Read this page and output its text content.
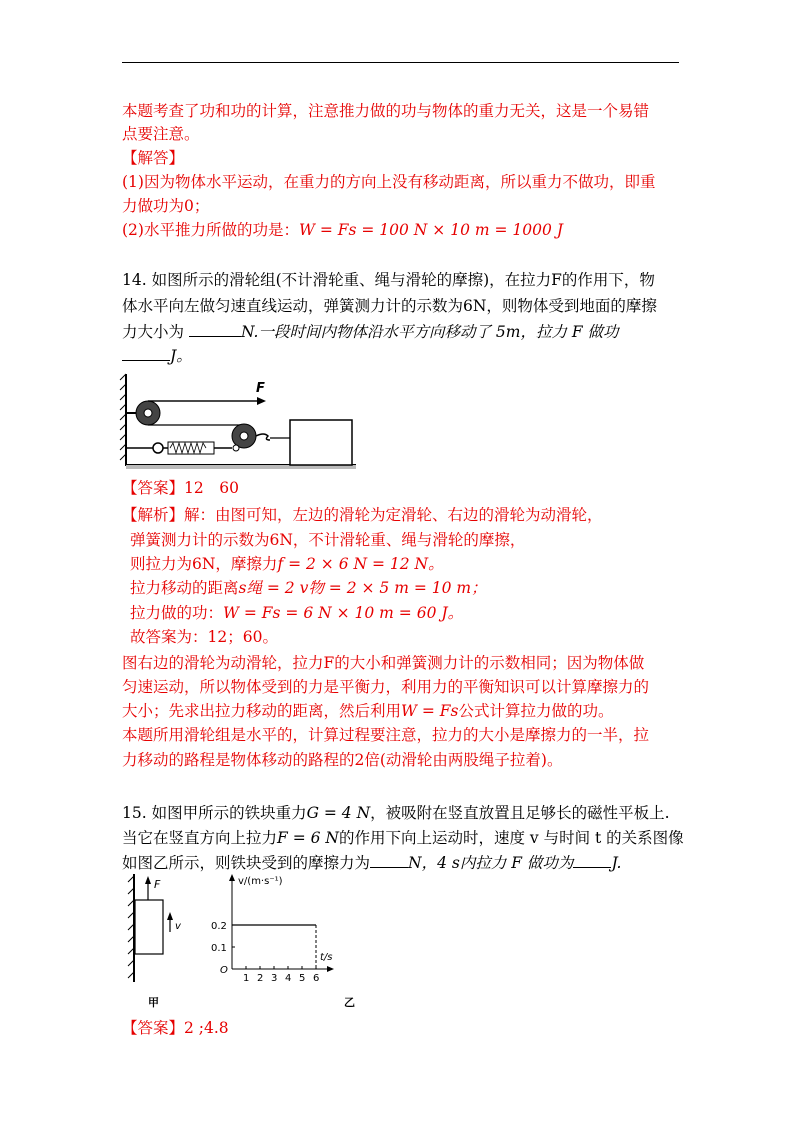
本题考查了功和功的计算，注意推力做的功与物体的重力无关，这是一个易错
点要注意。
【解答】
(1)因为物体水平运动，在重力的方向上没有移动距离，所以重力不做功，即重
力做功为0；
(2)水平推力所做的功是：W = Fs = 100 N × 10 m = 1000 J
14. 如图所示的滑轮组(不计滑轮重、绳与滑轮的摩擦)，在拉力F的作用下，物
体水平向左做匀速直线运动，弹簧测力计的示数为6N，则物体受到地面的摩擦
力大小为	N.一段时间内物体沿水平方向移动了 5m，拉力 F 做功
J。
F
【答案】12　60
【解析】解：由图可知，左边的滑轮为定滑轮、右边的滑轮为动滑轮，
弹簧测力计的示数为6N，不计滑轮重、绳与滑轮的摩擦，
则拉力为6N，摩擦力f = 2 × 6 N = 12 N。
拉力移动的距离s绳 = 2 v物 = 2 × 5 m = 10 m；
拉力做的功：W = Fs = 6 N × 10 m = 60 J。
故答案为：12；60。
图右边的滑轮为动滑轮，拉力F的大小和弹簧测力计的示数相同；因为物体做
匀速运动，所以物体受到的力是平衡力，利用力的平衡知识可以计算摩擦力的
大小；先求出拉力移动的距离，然后利用W = Fs公式计算拉力做的功。
本题所用滑轮组是水平的，计算过程要注意，拉力的大小是摩擦力的一半，拉
力移动的路程是物体移动的路程的2倍(动滑轮由两股绳子拉着)。
15. 如图甲所示的铁块重力G = 4 N，被吸附在竖直放置且足够长的磁性平板上.
当它在竖直方向上拉力F = 6 N的作用下向上运动时，速度 v 与时间 t 的关系图像
如图乙所示，则铁块受到的摩擦力为 N，4 s内拉力 F 做功为 J.
F
v
甲
v/(m·s⁻¹)
t/s
O
乙
1 2 3 4 5 6
0.1
0.2
【答案】2 ;4.8
